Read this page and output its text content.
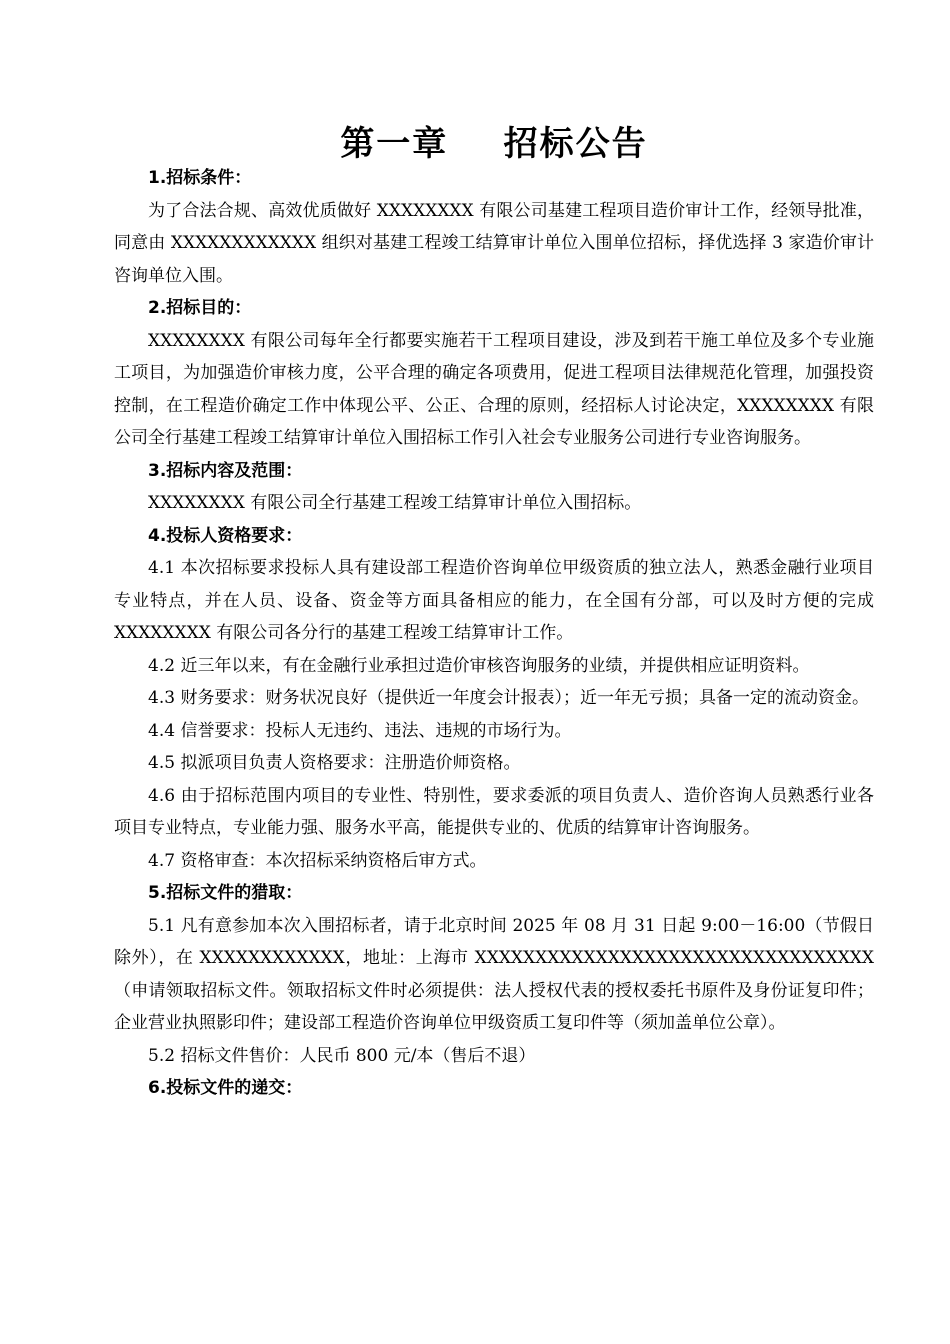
第一章    招标公告
1.招标条件：

为了合法合规、高效优质做好 XXXXXXXX 有限公司基建工程项目造价审计工作，经领导批准，同意由 XXXXXXXXXXXX 组织对基建工程竣工结算审计单位入围单位招标，择优选择 3 家造价审计咨询单位入围。

2.招标目的：

XXXXXXXX 有限公司每年全行都要实施若干工程项目建设，涉及到若干施工单位及多个专业施工项目，为加强造价审核力度，公平合理的确定各项费用，促进工程项目法律规范化管理，加强投资控制，在工程造价确定工作中体现公平、公正、合理的原则，经招标人讨论决定，XXXXXXXX 有限公司全行基建工程竣工结算审计单位入围招标工作引入社会专业服务公司进行专业咨询服务。

3.招标内容及范围：

XXXXXXXX 有限公司全行基建工程竣工结算审计单位入围招标。

4.投标人资格要求：

4.1 本次招标要求投标人具有建设部工程造价咨询单位甲级资质的独立法人，熟悉金融行业项目专业特点，并在人员、设备、资金等方面具备相应的能力，在全国有分部，可以及时方便的完成 XXXXXXXX 有限公司各分行的基建工程竣工结算审计工作。

4.2 近三年以来，有在金融行业承担过造价审核咨询服务的业绩，并提供相应证明资料。

4.3 财务要求：财务状况良好（提供近一年度会计报表）；近一年无亏损；具备一定的流动资金。

4.4 信誉要求：投标人无违约、违法、违规的市场行为。

4.5 拟派项目负责人资格要求：注册造价师资格。

4.6 由于招标范围内项目的专业性、特别性，要求委派的项目负责人、造价咨询人员熟悉行业各项目专业特点，专业能力强、服务水平高，能提供专业的、优质的结算审计咨询服务。

4.7 资格审查：本次招标采纳资格后审方式。

5.招标文件的猎取：

5.1 凡有意参加本次入围招标者，请于北京时间 2025 年 08 月 31 日起 9:00－16:00（节假日除外），在 XXXXXXXXXXXX，地址：上海市 XXXXXXXXXXXXXXXXXXXXXXXXXXXXXXXXX（申请领取招标文件。领取招标文件时必须提供：法人授权代表的授权委托书原件及身份证复印件；企业营业执照影印件；建设部工程造价咨询单位甲级资质工复印件等（须加盖单位公章）。

5.2 招标文件售价：人民币 800 元/本（售后不退）

6.投标文件的递交：
